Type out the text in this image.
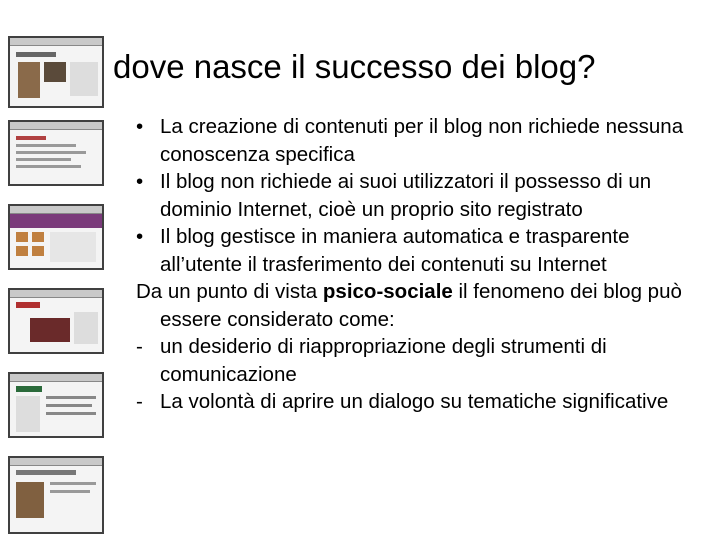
dove nasce il successo dei blog?
• La creazione di contenuti per il blog non richiede nessuna conoscenza specifica
• Il blog non richiede ai suoi utilizzatori il possesso di un dominio Internet, cioè un proprio sito registrato
• Il blog gestisce in maniera automatica e trasparente all’utente il trasferimento dei contenuti su Internet
Da un punto di vista psico-sociale il fenomeno dei blog può essere considerato come:
- un desiderio di riappropriazione degli strumenti di comunicazione
- La volontà di aprire un dialogo su tematiche significative
